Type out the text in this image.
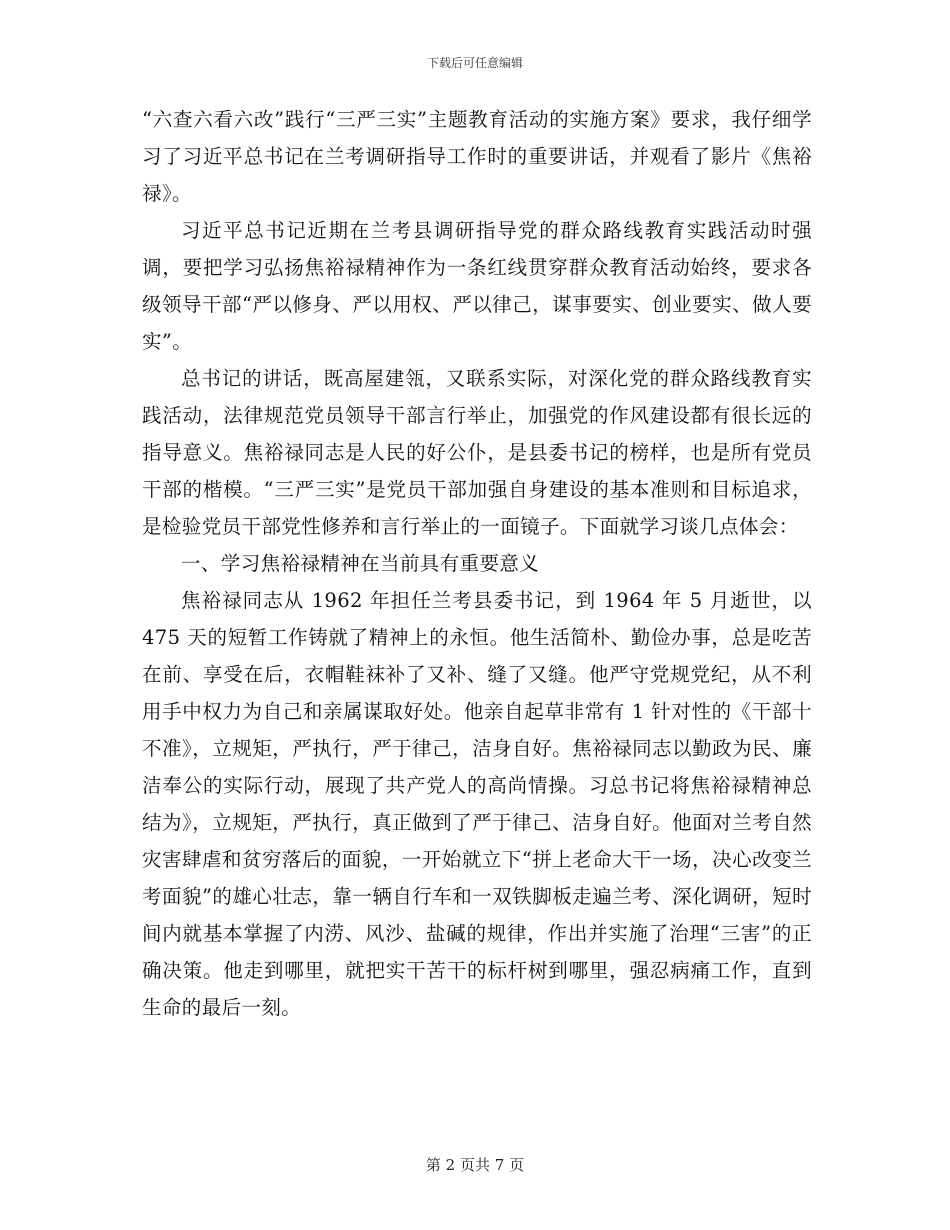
下载后可任意编辑

“六查六看六改”践行“三严三实”主题教育活动的实施方案》要求，我仔细学习了习近平总书记在兰考调研指导工作时的重要讲话，并观看了影片《焦裕禄》。

习近平总书记近期在兰考县调研指导党的群众路线教育实践活动时强调，要把学习弘扬焦裕禄精神作为一条红线贯穿群众教育活动始终，要求各级领导干部“严以修身、严以用权、严以律己，谋事要实、创业要实、做人要实”。

总书记的讲话，既高屋建瓴，又联系实际，对深化党的群众路线教育实践活动，法律规范党员领导干部言行举止，加强党的作风建设都有很长远的指导意义。焦裕禄同志是人民的好公仆，是县委书记的榜样，也是所有党员干部的楷模。“三严三实”是党员干部加强自身建设的基本准则和目标追求，是检验党员干部党性修养和言行举止的一面镜子。下面就学习谈几点体会：

一、学习焦裕禄精神在当前具有重要意义

焦裕禄同志从 1962 年担任兰考县委书记，到 1964 年 5 月逝世，以 475 天的短暂工作铸就了精神上的永恒。他生活简朴、勤俭办事，总是吃苦在前、享受在后，衣帽鞋袜补了又补、缝了又缝。他严守党规党纪，从不利用手中权力为自己和亲属谋取好处。他亲自起草非常有 1 针对性的《干部十不准》，立规矩，严执行，严于律己，洁身自好。焦裕禄同志以勤政为民、廉洁奉公的实际行动，展现了共产党人的高尚情操。习总书记将焦裕禄精神总结为》，立规矩，严执行，真正做到了严于律己、洁身自好。他面对兰考自然灾害肆虐和贫穷落后的面貌，一开始就立下“拼上老命大干一场，决心改变兰考面貌”的雄心壮志，靠一辆自行车和一双铁脚板走遍兰考、深化调研，短时间内就基本掌握了内涝、风沙、盐碱的规律，作出并实施了治理“三害”的正确决策。他走到哪里，就把实干苦干的标杆树到哪里，强忍病痛工作，直到生命的最后一刻。

第 2 页共 7 页
